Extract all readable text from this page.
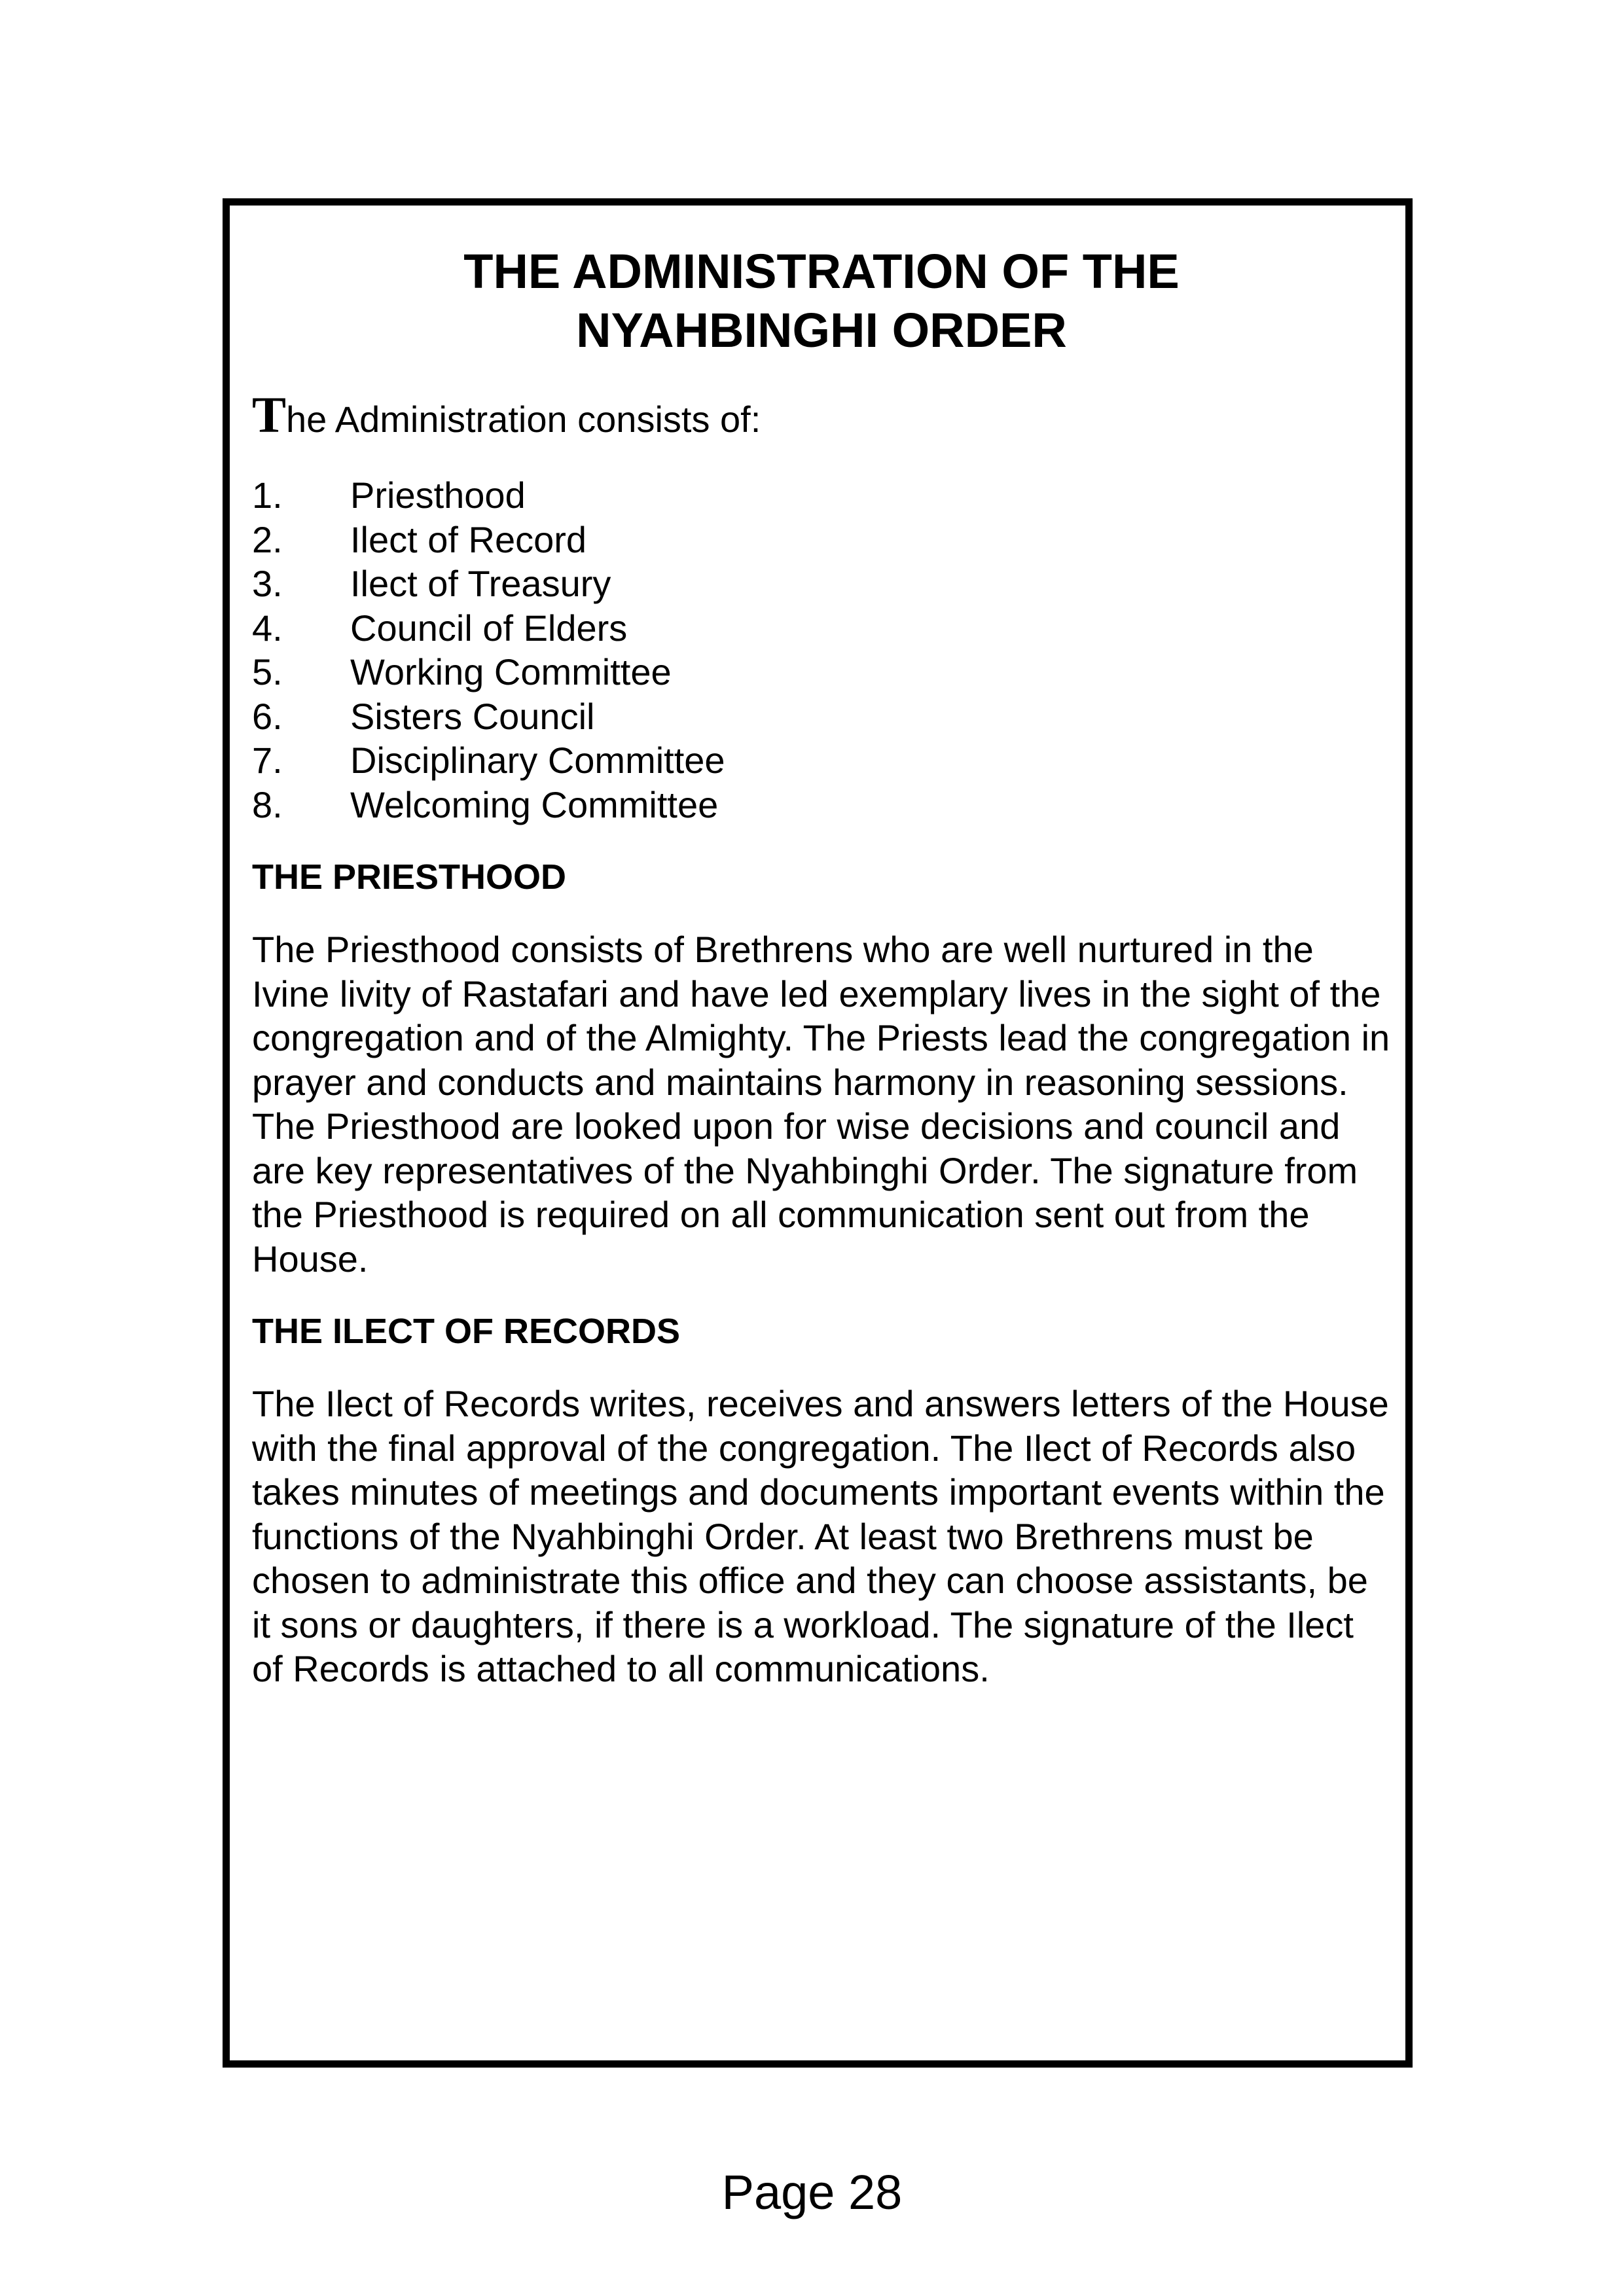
THE ADMINISTRATION OF THE
NYAHBINGHI ORDER

The Administration consists of:

1.	Priesthood
2.	Ilect of Record
3.	Ilect of Treasury
4.	Council of Elders
5.	Working Committee
6.	Sisters Council
7.	Disciplinary Committee
8.	Welcoming Committee
THE PRIESTHOOD

The Priesthood consists of Brethrens who are well nurtured in the Ivine livity of Rastafari and have led exemplary lives in the sight of the congregation and of the Almighty. The Priests lead the congregation in prayer and conducts and maintains harmony in reasoning sessions. The Priesthood are looked upon for wise decisions and council and are key representatives of the Nyahbinghi Order. The signature from the Priesthood is required on all communication sent out from the House.

THE ILECT OF RECORDS

The Ilect of Records writes, receives and answers letters of the House with the final approval of the congregation. The Ilect of Records also takes minutes of meetings and documents important events within the functions of the Nyahbinghi Order. At least two Brethrens must be chosen to administrate this office and they can choose assistants, be it sons or daughters, if there is a workload. The signature of the Ilect of Records is attached to all communications.

Page 28
